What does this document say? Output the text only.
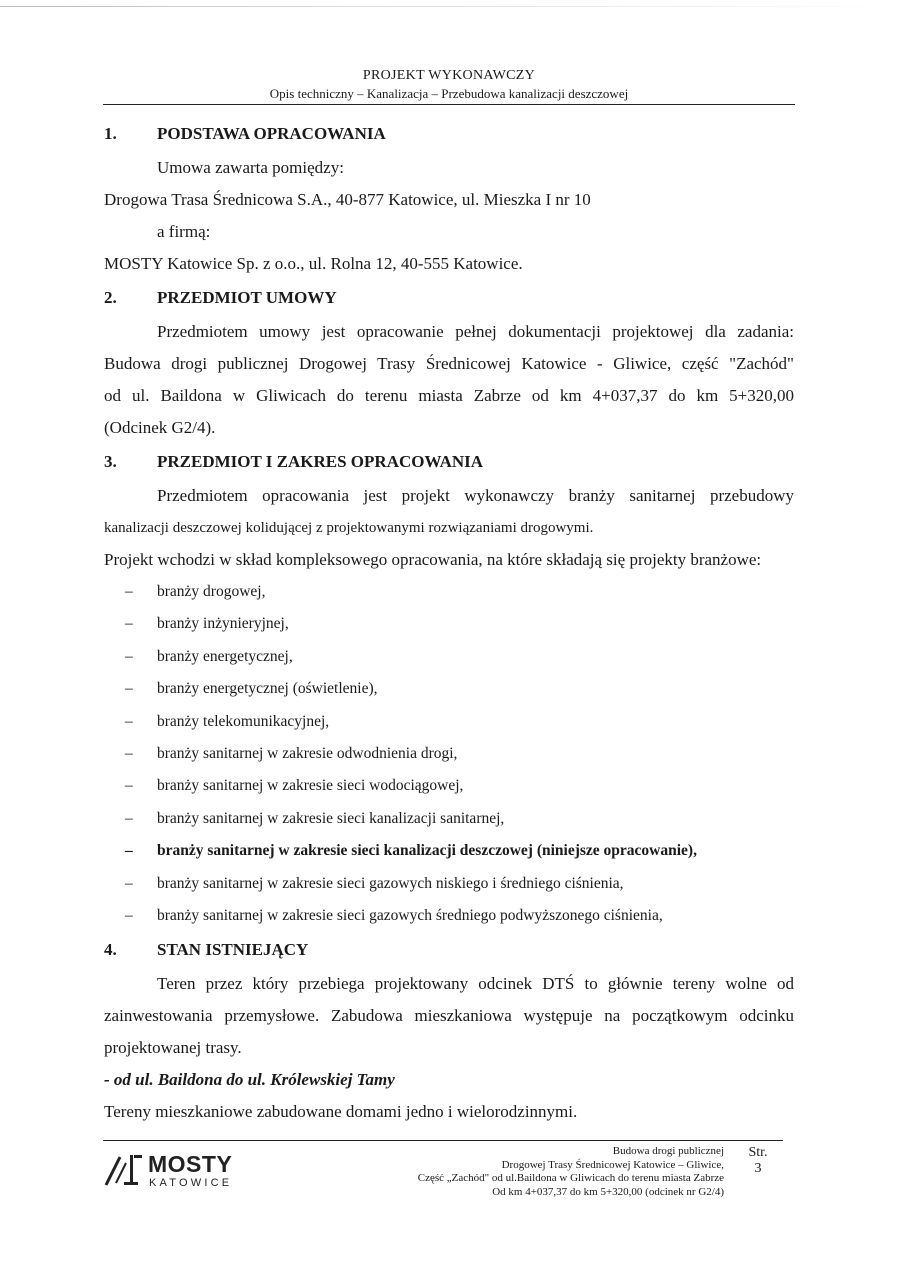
PROJEKT WYKONAWCZY
Opis techniczny – Kanalizacja – Przebudowa kanalizacji deszczowej
1. PODSTAWA OPRACOWANIA
Umowa zawarta pomiędzy:
Drogowa Trasa Średnicowa S.A., 40-877 Katowice, ul. Mieszka I nr 10
a firmą:
MOSTY Katowice Sp. z o.o., ul. Rolna 12, 40-555 Katowice.
2. PRZEDMIOT UMOWY
Przedmiotem umowy jest opracowanie pełnej dokumentacji projektowej dla zadania:
Budowa drogi publicznej Drogowej Trasy Średnicowej Katowice - Gliwice, część "Zachód"
od ul. Baildona w Gliwicach do terenu miasta Zabrze od km 4+037,37 do km 5+320,00
(Odcinek G2/4).
3. PRZEDMIOT I ZAKRES OPRACOWANIA
Przedmiotem opracowania jest projekt wykonawczy branży sanitarnej przebudowy
kanalizacji deszczowej kolidującej z projektowanymi rozwiązaniami drogowymi.
Projekt wchodzi w skład kompleksowego opracowania, na które składają się projekty branżowe:
– branży drogowej,
– branży inżynieryjnej,
– branży energetycznej,
– branży energetycznej (oświetlenie),
– branży telekomunikacyjnej,
– branży sanitarnej w zakresie odwodnienia drogi,
– branży sanitarnej w zakresie sieci wodociągowej,
– branży sanitarnej w zakresie sieci kanalizacji sanitarnej,
– branży sanitarnej w zakresie sieci kanalizacji deszczowej (niniejsze opracowanie),
– branży sanitarnej w zakresie sieci gazowych niskiego i średniego ciśnienia,
– branży sanitarnej w zakresie sieci gazowych średniego podwyższonego ciśnienia,
4. STAN ISTNIEJĄCY
Teren przez który przebiega projektowany odcinek DTŚ to głównie tereny wolne od
zainwestowania przemysłowe. Zabudowa mieszkaniowa występuje na początkowym odcinku
projektowanej trasy.
- od ul. Baildona do ul. Królewskiej Tamy
Tereny mieszkaniowe zabudowane domami jedno i wielorodzinnymi.
MOSTY
KATOWICE
Budowa drogi publicznej
Drogowej Trasy Średnicowej Katowice – Gliwice,
Część „Zachód" od ul.Baildona w Gliwicach do terenu miasta Zabrze
Od km 4+037,37 do km 5+320,00 (odcinek nr G2/4)
Str.
3
